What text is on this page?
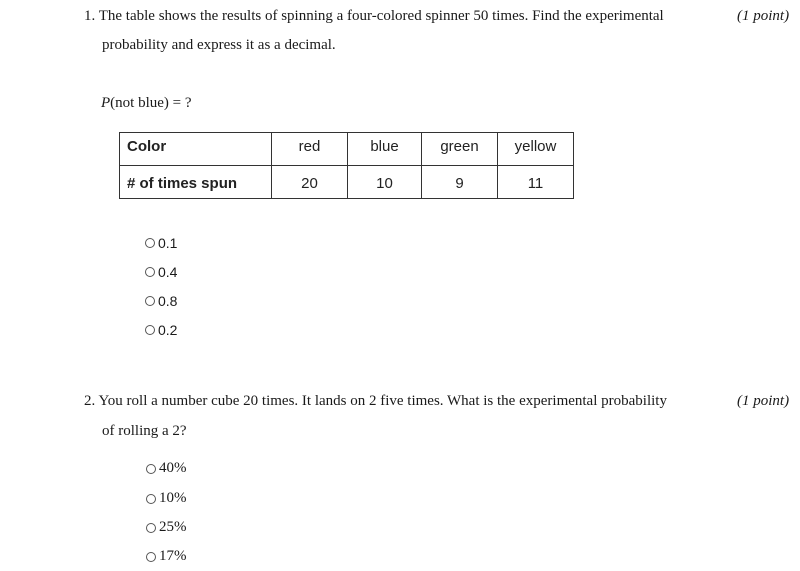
1. The table shows the results of spinning a four-colored spinner 50 times. Find the experimental	(1 point)
probability and express it as a decimal.
P(not blue) = ?
Color	red	blue	green	yellow
# of times spun	20	10	9	11
0.1
0.4
0.8
0.2
2. You roll a number cube 20 times. It lands on 2 five times. What is the experimental probability	(1 point)
of rolling a 2?
40%
10%
25%
17%
